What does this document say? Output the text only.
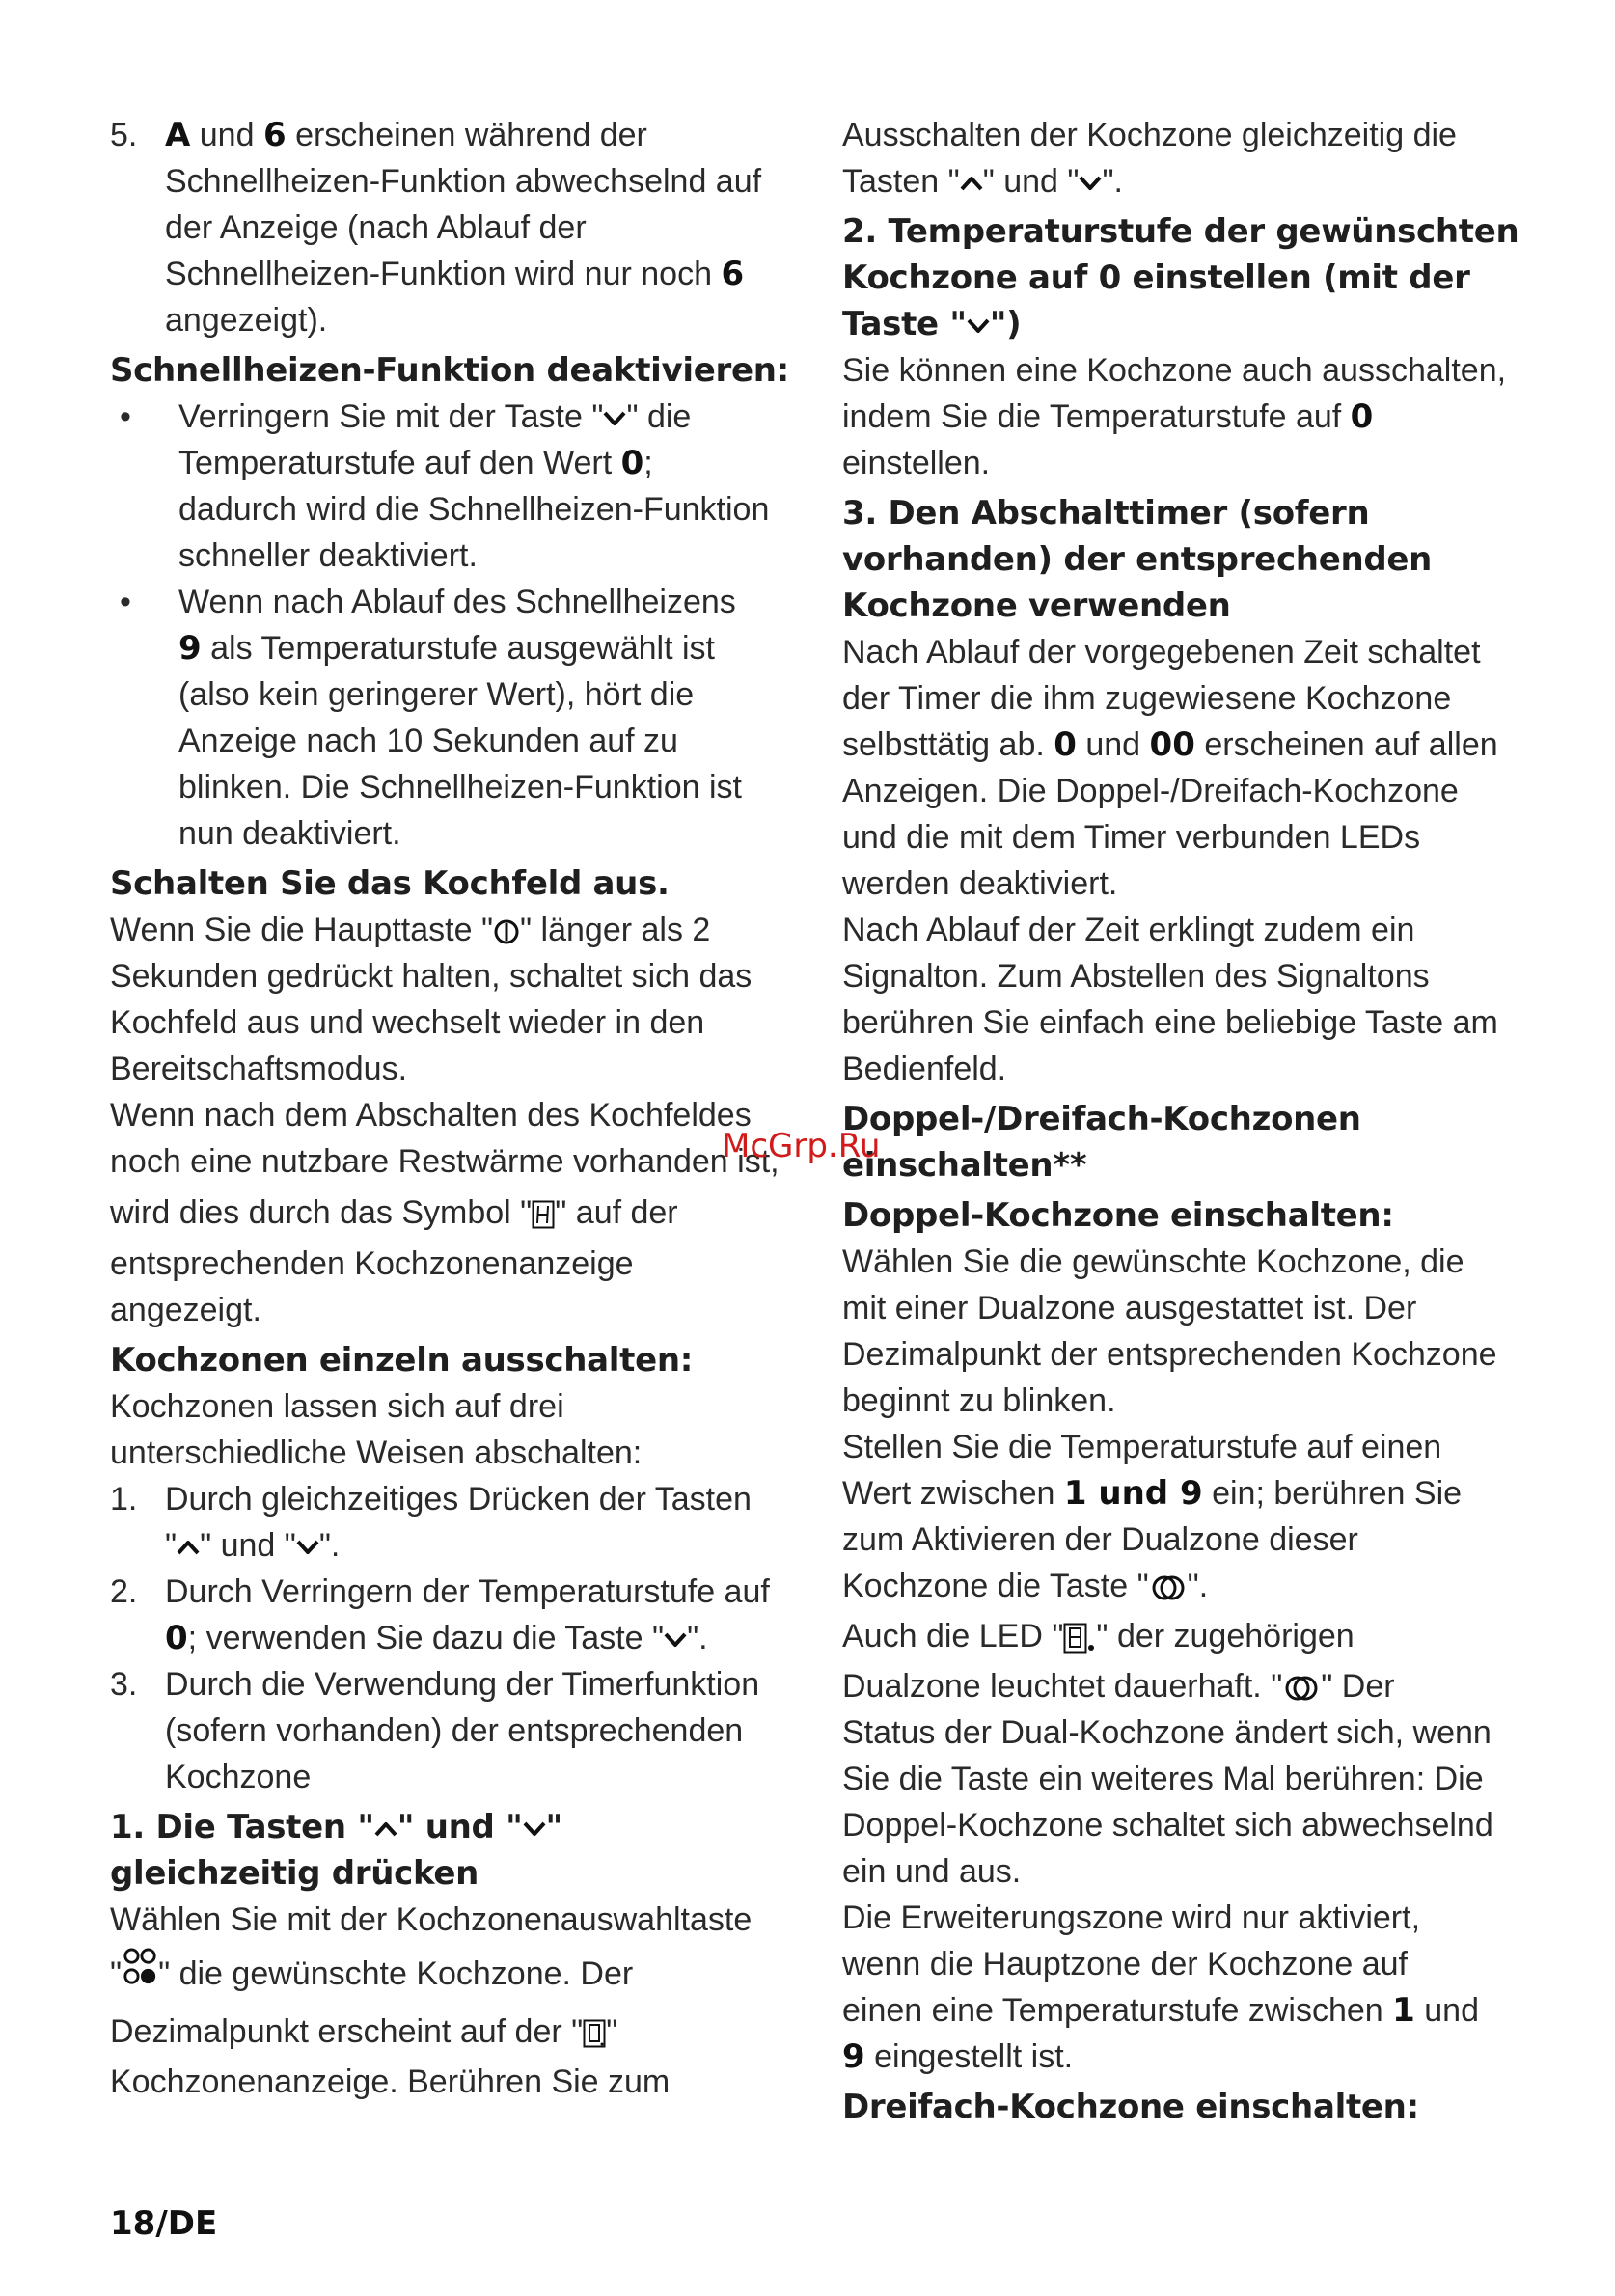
5. A und 6 erscheinen während der
Schnellheizen-Funktion abwechselnd auf
der Anzeige (nach Ablauf der
Schnellheizen-Funktion wird nur noch 6
angezeigt).
Schnellheizen-Funktion deaktivieren:
• Verringern Sie mit der Taste " " die
Temperaturstufe auf den Wert 0;
dadurch wird die Schnellheizen-Funktion
schneller deaktiviert.
• Wenn nach Ablauf des Schnellheizens
9 als Temperaturstufe ausgewählt ist
(also kein geringerer Wert), hört die
Anzeige nach 10 Sekunden auf zu
blinken. Die Schnellheizen-Funktion ist
nun deaktiviert.
Schalten Sie das Kochfeld aus.
Wenn Sie die Haupttaste " " länger als 2
Sekunden gedrückt halten, schaltet sich das
Kochfeld aus und wechselt wieder in den
Bereitschaftsmodus.
Wenn nach dem Abschalten des Kochfeldes
noch eine nutzbare Restwärme vorhanden ist,
wird dies durch das Symbol " " auf der
entsprechenden Kochzonenanzeige
angezeigt.
Kochzonen einzeln ausschalten:
Kochzonen lassen sich auf drei
unterschiedliche Weisen abschalten:
1. Durch gleichzeitiges Drücken der Tasten
" " und " ".
2. Durch Verringern der Temperaturstufe auf
0; verwenden Sie dazu die Taste " ".
3. Durch die Verwendung der Timerfunktion
(sofern vorhanden) der entsprechenden
Kochzone
1. Die Tasten " " und " "
gleichzeitig drücken
Wählen Sie mit der Kochzonenauswahltaste
" " die gewünschte Kochzone. Der
Dezimalpunkt erscheint auf der " "
Kochzonenanzeige. Berühren Sie zum
Ausschalten der Kochzone gleichzeitig die
Tasten " " und " ".
2. Temperaturstufe der gewünschten
Kochzone auf 0 einstellen (mit der
Taste " ")
Sie können eine Kochzone auch ausschalten,
indem Sie die Temperaturstufe auf 0
einstellen.
3. Den Abschalttimer (sofern
vorhanden) der entsprechenden
Kochzone verwenden
Nach Ablauf der vorgegebenen Zeit schaltet
der Timer die ihm zugewiesene Kochzone
selbsttätig ab. 0 und 00 erscheinen auf allen
Anzeigen. Die Doppel-/Dreifach-Kochzone
und die mit dem Timer verbunden LEDs
werden deaktiviert.
Nach Ablauf der Zeit erklingt zudem ein
Signalton. Zum Abstellen des Signaltons
berühren Sie einfach eine beliebige Taste am
Bedienfeld.
Doppel-/Dreifach-Kochzonen
einschalten**
Doppel-Kochzone einschalten:
Wählen Sie die gewünschte Kochzone, die
mit einer Dualzone ausgestattet ist. Der
Dezimalpunkt der entsprechenden Kochzone
beginnt zu blinken.
Stellen Sie die Temperaturstufe auf einen
Wert zwischen 1 und 9 ein; berühren Sie
zum Aktivieren der Dualzone dieser
Kochzone die Taste " ".
Auch die LED " " der zugehörigen
Dualzone leuchtet dauerhaft. " " Der
Status der Dual-Kochzone ändert sich, wenn
Sie die Taste ein weiteres Mal berühren: Die
Doppel-Kochzone schaltet sich abwechselnd
ein und aus.
Die Erweiterungszone wird nur aktiviert,
wenn die Hauptzone der Kochzone auf
einen eine Temperaturstufe zwischen 1 und
9 eingestellt ist.
Dreifach-Kochzone einschalten:
McGrp.Ru
18/DE
